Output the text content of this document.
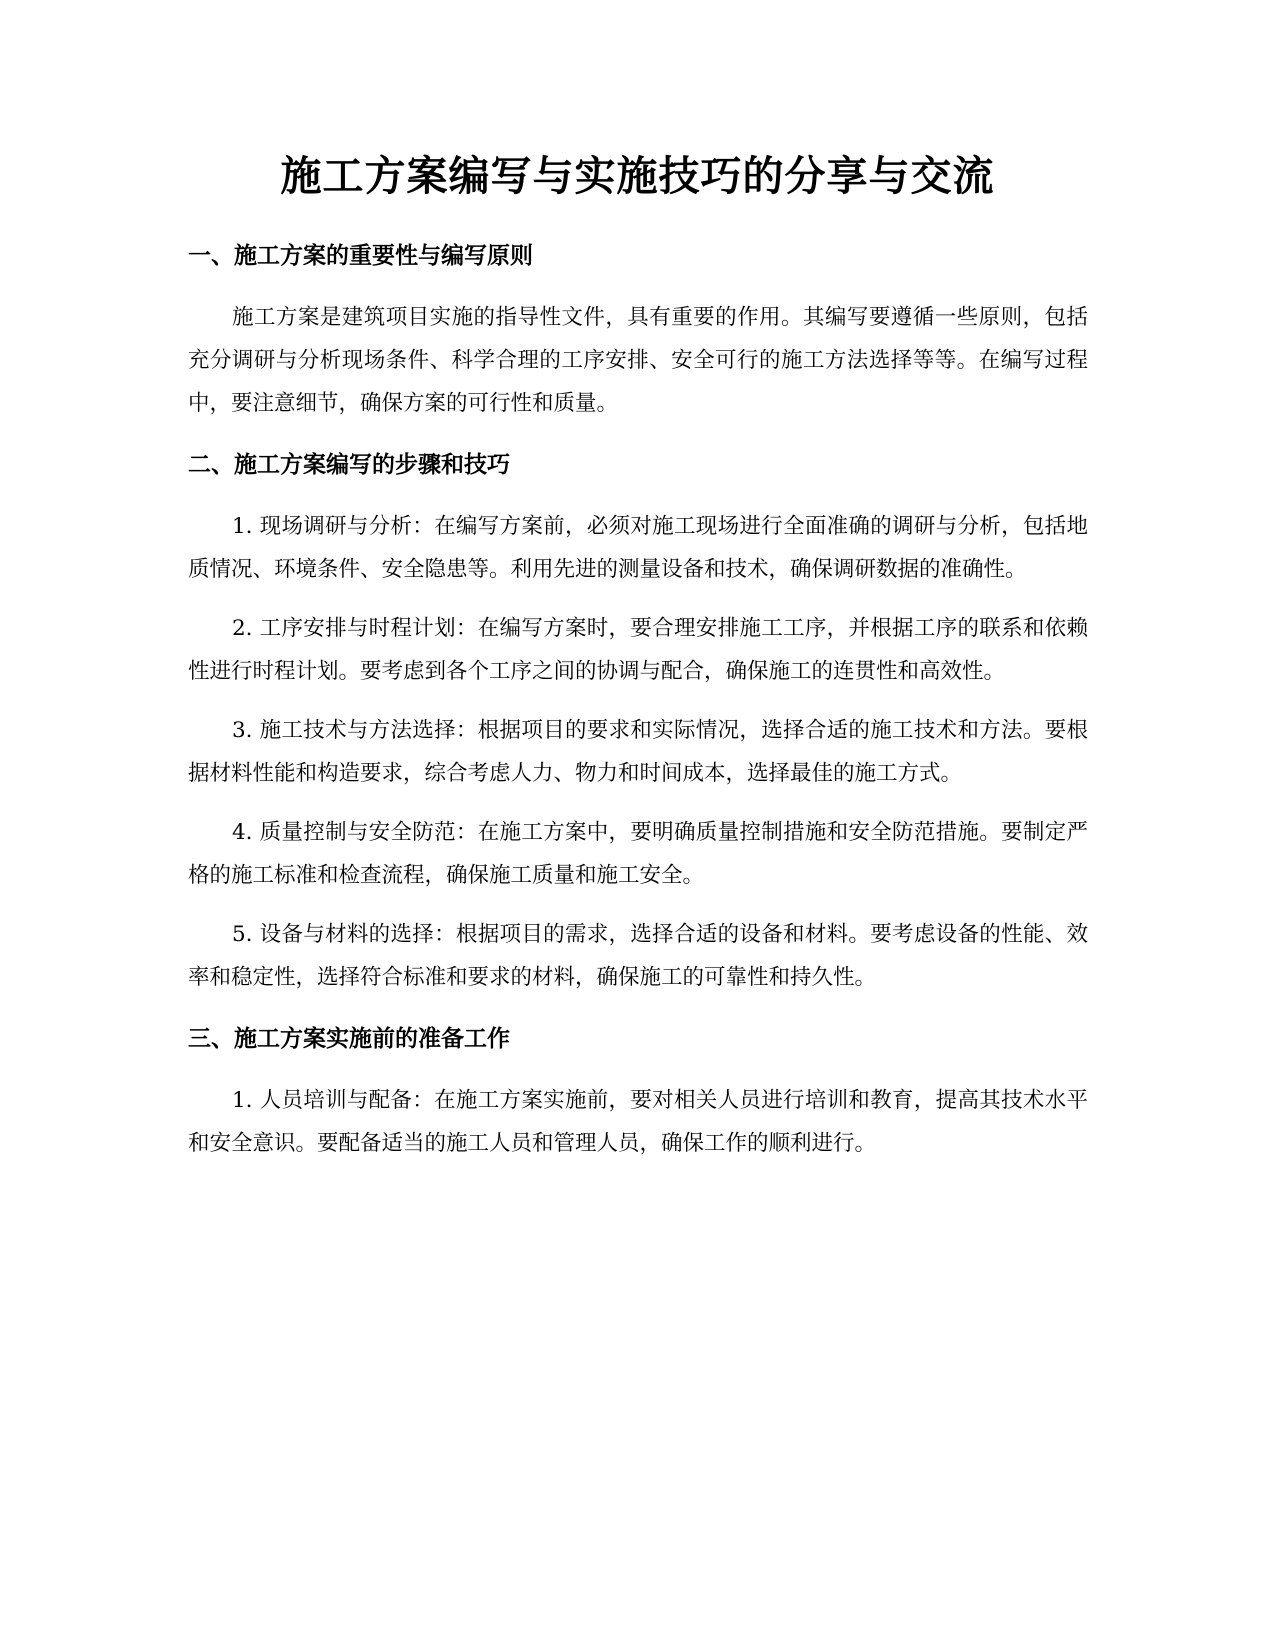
施工方案编写与实施技巧的分享与交流
一、施工方案的重要性与编写原则

施工方案是建筑项目实施的指导性文件，具有重要的作用。其编写要遵循一些原则，包括充分调研与分析现场条件、科学合理的工序安排、安全可行的施工方法选择等等。在编写过程中，要注意细节，确保方案的可行性和质量。

二、施工方案编写的步骤和技巧

1. 现场调研与分析：在编写方案前，必须对施工现场进行全面准确的调研与分析，包括地质情况、环境条件、安全隐患等。利用先进的测量设备和技术，确保调研数据的准确性。

2. 工序安排与时程计划：在编写方案时，要合理安排施工工序，并根据工序的联系和依赖性进行时程计划。要考虑到各个工序之间的协调与配合，确保施工的连贯性和高效性。

3. 施工技术与方法选择：根据项目的要求和实际情况，选择合适的施工技术和方法。要根据材料性能和构造要求，综合考虑人力、物力和时间成本，选择最佳的施工方式。

4. 质量控制与安全防范：在施工方案中，要明确质量控制措施和安全防范措施。要制定严格的施工标准和检查流程，确保施工质量和施工安全。

5. 设备与材料的选择：根据项目的需求，选择合适的设备和材料。要考虑设备的性能、效率和稳定性，选择符合标准和要求的材料，确保施工的可靠性和持久性。

三、施工方案实施前的准备工作

1. 人员培训与配备：在施工方案实施前，要对相关人员进行培训和教育，提高其技术水平和安全意识。要配备适当的施工人员和管理人员，确保工作的顺利进行。
